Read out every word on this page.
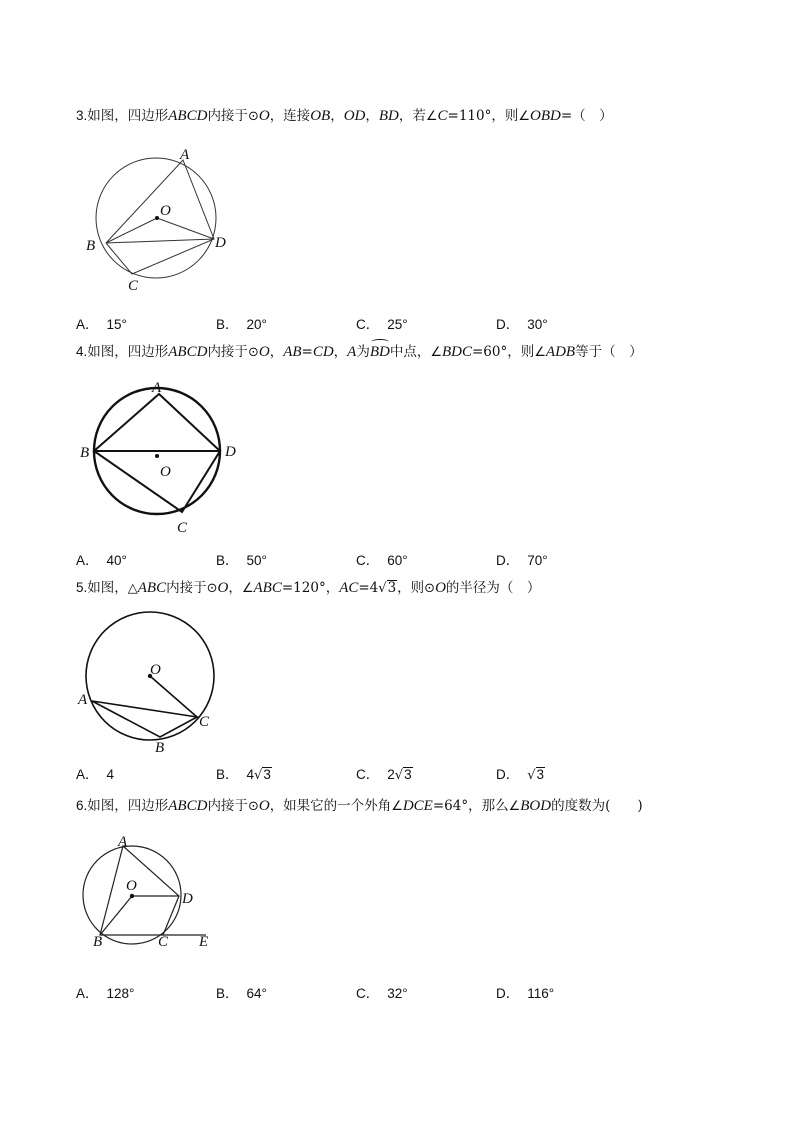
3.如图，四边形ABCD内接于⊙O，连接OB，OD，BD，若∠C=110°，则∠OBD=（　）
A
B
C
D
O
A． 15°	B． 20°	C． 25°	D． 30°
4.如图，四边形ABCD内接于⊙O，AB=CD，A为BD中点，∠BDC=60°，则∠ADB等于（　）
A
B
C
D
O
A． 40°	B． 50°	C． 60°	D． 70°
5.如图，△ABC内接于⊙O，∠ABC=120°，AC=4√3，则⊙O的半径为（　）
O
A
B
C
A． 4	B． 4√3	C． 2√3	D． √3
6.如图，四边形ABCD内接于⊙O，如果它的一个外角∠DCE=64°，那么∠BOD的度数为(　　)
A
O
D
B	C E
A． 128°	B． 64°	C． 32°	D． 116°
